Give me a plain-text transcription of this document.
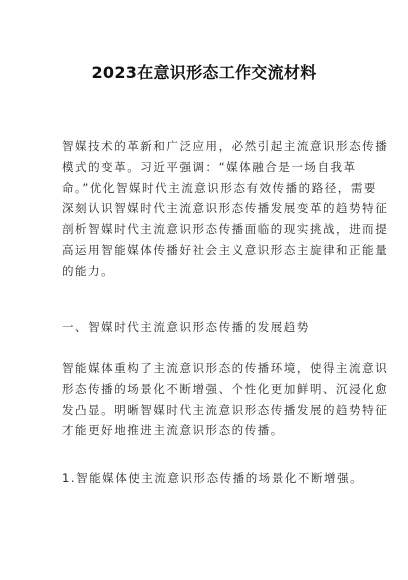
2023在意识形态工作交流材料
智媒技术的革新和广泛应用，必然引起主流意识形态传播
模式的变革。习近平强调：“媒体融合是一场自我革
命。”优化智媒时代主流意识形态有效传播的路径，需要
深刻认识智媒时代主流意识形态传播发展变革的趋势特征
剖析智媒时代主流意识形态传播面临的现实挑战，进而提
高运用智能媒体传播好社会主义意识形态主旋律和正能量
的能力。
一、智媒时代主流意识形态传播的发展趋势
智能媒体重构了主流意识形态的传播环境，使得主流意识
形态传播的场景化不断增强、个性化更加鲜明、沉浸化愈
发凸显。明晰智媒时代主流意识形态传播发展的趋势特征
才能更好地推进主流意识形态的传播。
1.智能媒体使主流意识形态传播的场景化不断增强。
